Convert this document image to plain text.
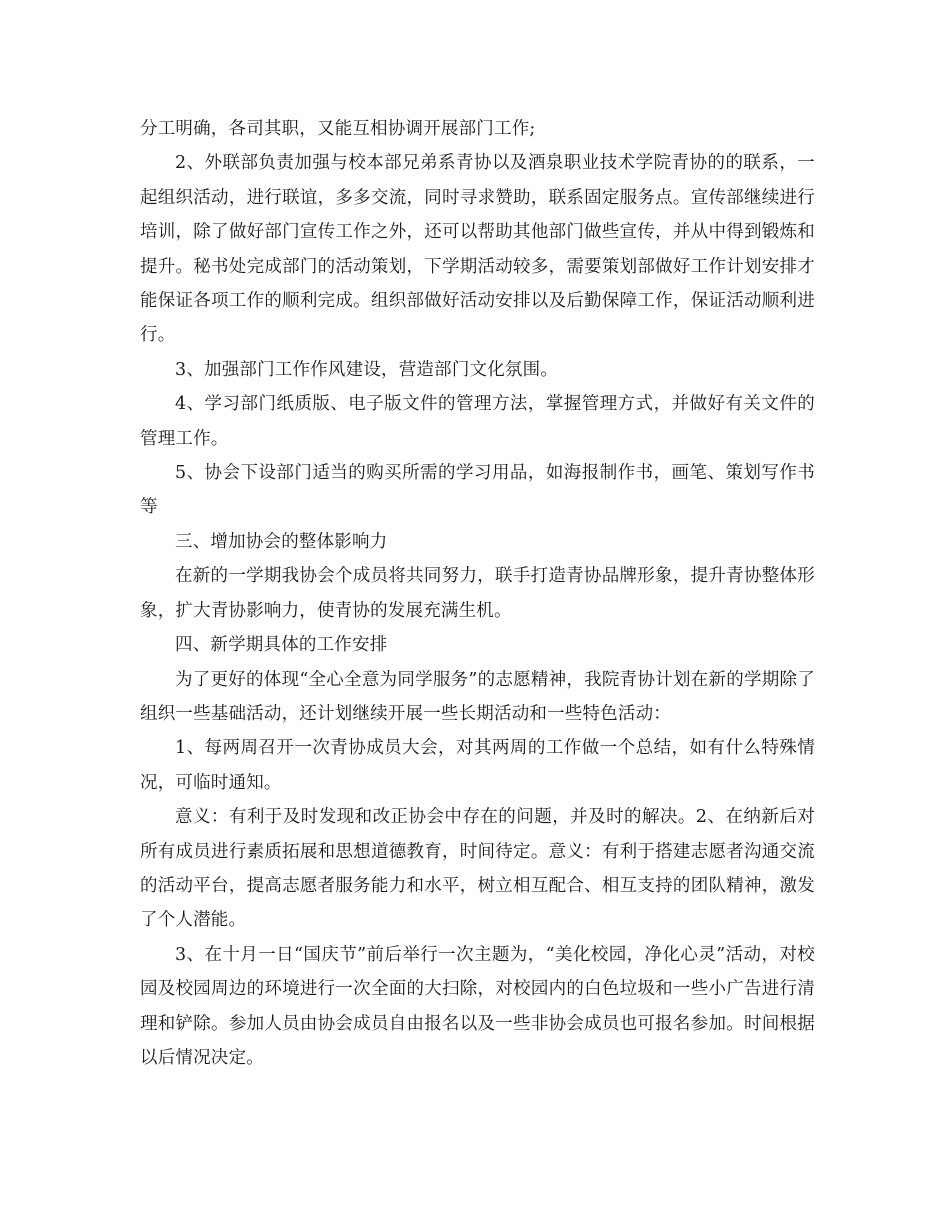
分工明确，各司其职，又能互相协调开展部门工作;

2、外联部负责加强与校本部兄弟系青协以及酒泉职业技术学院青协的的联系，一起组织活动，进行联谊，多多交流，同时寻求赞助，联系固定服务点。宣传部继续进行培训，除了做好部门宣传工作之外，还可以帮助其他部门做些宣传，并从中得到锻炼和提升。秘书处完成部门的活动策划，下学期活动较多，需要策划部做好工作计划安排才能保证各项工作的顺利完成。组织部做好活动安排以及后勤保障工作，保证活动顺利进行。

3、加强部门工作作风建设，营造部门文化氛围。

4、学习部门纸质版、电子版文件的管理方法，掌握管理方式，并做好有关文件的管理工作。

5、协会下设部门适当的购买所需的学习用品，如海报制作书，画笔、策划写作书等

三、增加协会的整体影响力

在新的一学期我协会个成员将共同努力，联手打造青协品牌形象，提升青协整体形象，扩大青协影响力，使青协的发展充满生机。

四、新学期具体的工作安排

为了更好的体现“全心全意为同学服务”的志愿精神，我院青协计划在新的学期除了组织一些基础活动，还计划继续开展一些长期活动和一些特色活动：

1、每两周召开一次青协成员大会，对其两周的工作做一个总结，如有什么特殊情况，可临时通知。

意义：有利于及时发现和改正协会中存在的问题，并及时的解决。2、在纳新后对所有成员进行素质拓展和思想道德教育，时间待定。意义：有利于搭建志愿者沟通交流的活动平台，提高志愿者服务能力和水平，树立相互配合、相互支持的团队精神，激发了个人潜能。

3、在十月一日“国庆节”前后举行一次主题为，“美化校园，净化心灵”活动，对校园及校园周边的环境进行一次全面的大扫除，对校园内的白色垃圾和一些小广告进行清理和铲除。参加人员由协会成员自由报名以及一些非协会成员也可报名参加。时间根据以后情况决定。
